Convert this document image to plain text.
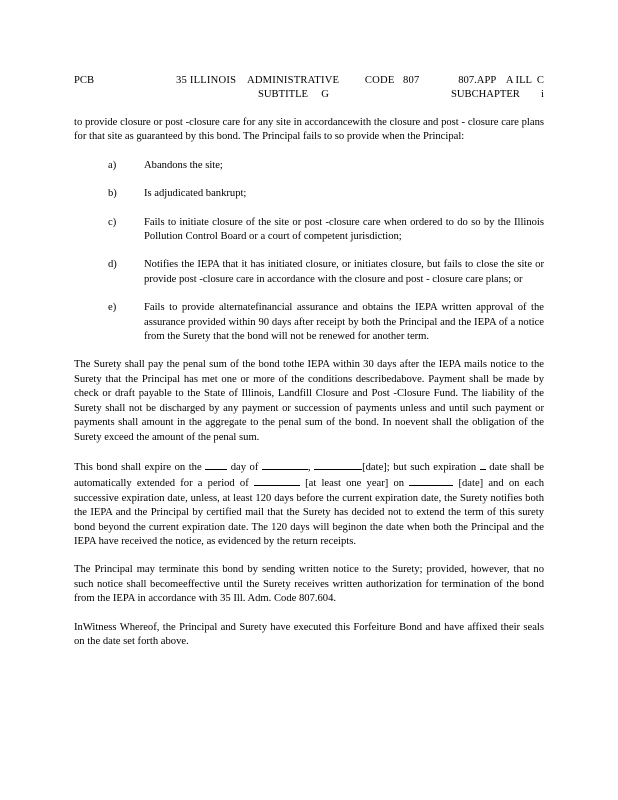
PCB	35 ILLINOIS    ADMINISTRATIVE         CODE   807
SUBTITLE     G
807.APP    A ILL  C
SUBCHAPTER        i

to provide closure or post -closure care for any site in accordancewith the closure and post - closure care plans for that site as guaranteed by this bond. The Principal fails to so provide when the Principal:

a)	Abandons the site;
b)	Is adjudicated bankrupt;
c)	Fails to initiate closure of the site or post -closure care when ordered to do so by the Illinois Pollution Control Board or a court of competent jurisdiction;
d)	Notifies the IEPA that it has initiated closure, or initiates closure, but fails to close the site or provide post -closure care in accordance with the closure and post - closure care plans; or
e)	Fails to provide alternatefinancial assurance and obtains the IEPA written approval of the assurance provided within 90 days after receipt by both the Principal and the IEPA of a notice from the Surety that the bond will not be renewed for another term.

The Surety shall pay the penal sum of the bond tothe IEPA within 30 days after the IEPA mails notice to the Surety that the Principal has met one or more of the conditions describedabove. Payment shall be made by check or draft payable to the State of Illinois, Landfill Closure and Post -Closure Fund. The liability of the Surety shall not be discharged by any payment or succession of payments unless and until such payment or payments shall amount in the aggregate to the penal sum of the bond. In noevent shall the obligation of the Surety exceed the amount of the penal sum.

This bond shall expire on the	day of	,	[date]; but such expiration date shall be automatically extended for a period of	[at least one year] on	[date] and on each successive expiration date, unless, at least 120 days before the current expiration date, the Surety notifies both the IEPA and the Principal by certified mail that the Surety has decided not to extend the term of this surety bond beyond the current expiration date. The 120 days will beginon the date when both the Principal and the IEPA have received the notice, as evidenced by the return receipts.

The Principal may terminate this bond by sending written notice to the Surety; provided, however, that no such notice shall becomeeffective until the Surety receives written authorization for termination of the bond from the IEPA in accordance with 35 Ill. Adm. Code 807.604.

InWitness Whereof, the Principal and Surety have executed this Forfeiture Bond and have affixed their seals on the date set forth above.
